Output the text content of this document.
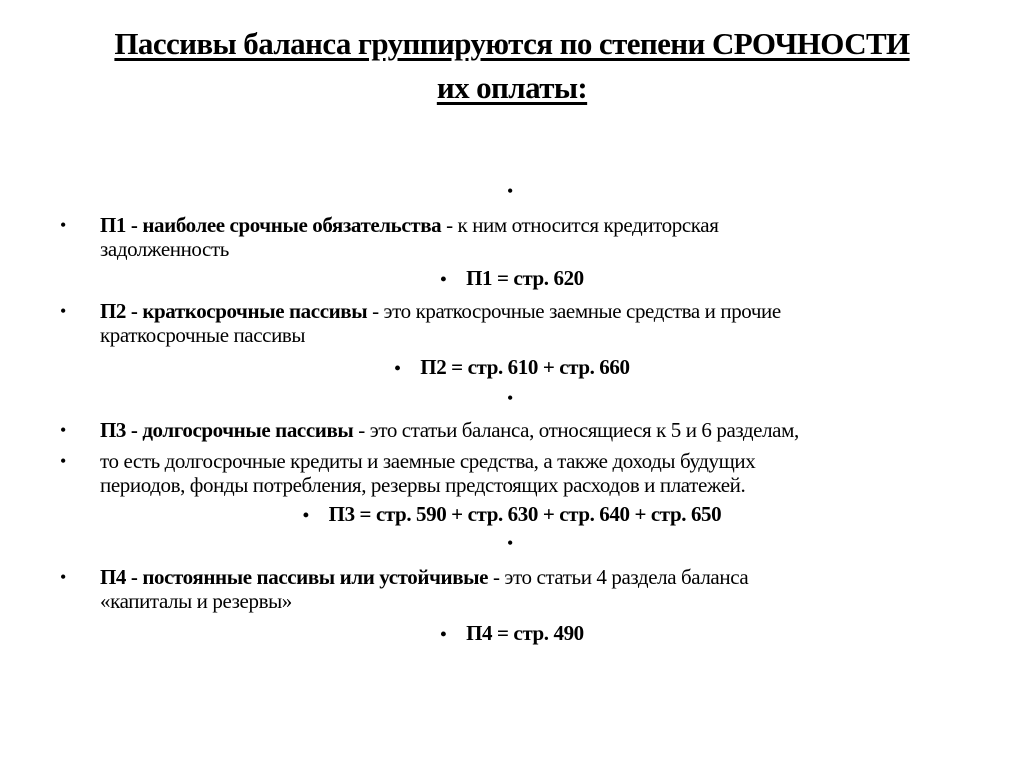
Пассивы баланса группируются по степени СРОЧНОСТИ
их оплаты:
•
• П1 - наиболее срочные обязательства - к ним относится кредиторская
задолженность
• П1 = стр. 620
• П2 - краткосрочные пассивы - это краткосрочные заемные средства и прочие
краткосрочные пассивы
• П2 = стр. 610 + стр. 660
•
• П3 - долгосрочные пассивы - это статьи баланса, относящиеся к 5 и 6 разделам,
• то есть долгосрочные кредиты и заемные средства, а также доходы будущих
периодов, фонды потребления, резервы предстоящих расходов и платежей.
• П3 = стр. 590 + стр. 630 + стр. 640 + стр. 650
•
• П4 - постоянные пассивы или устойчивые - это статьи 4 раздела баланса
«капиталы и резервы»
• П4 = стр. 490
